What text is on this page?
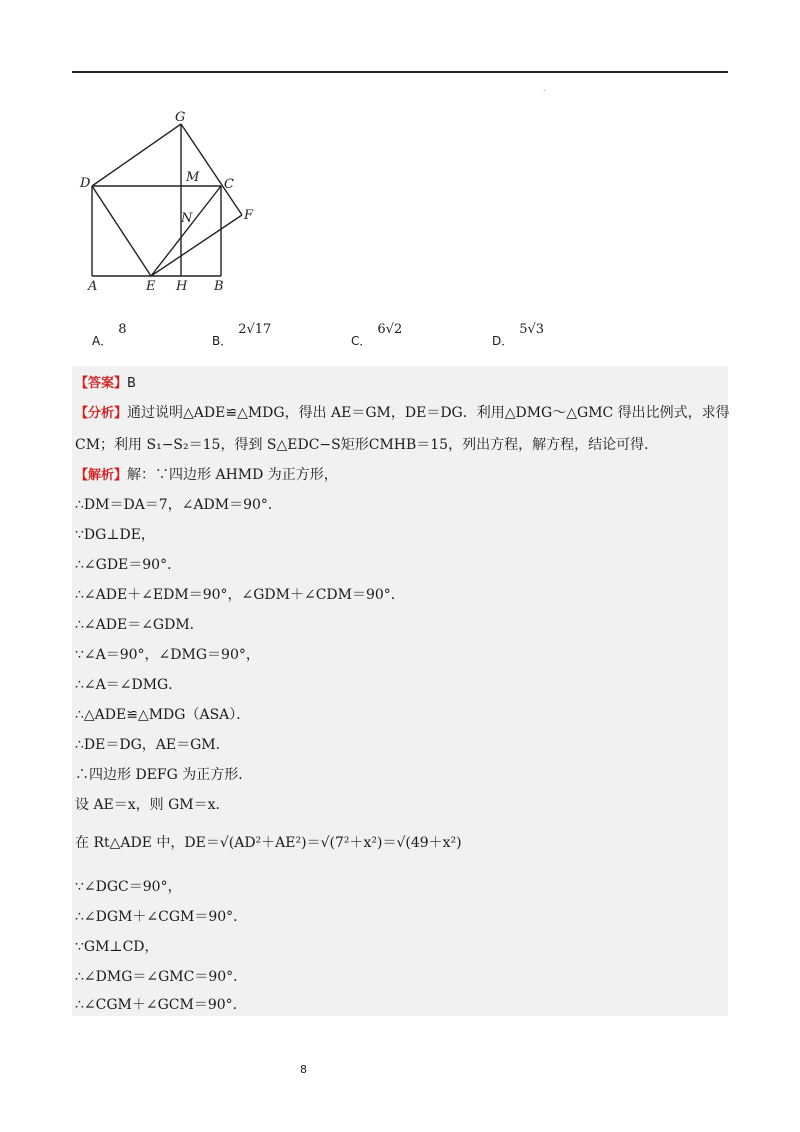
.
G
M
D	C
N	F
A	E H B
A．8
B．2√17
C．6√2
D．5√3
【答案】B
【分析】通过说明△ADE≌△MDG，得出 AE＝GM，DE＝DG．利用△DMG～△GMC 得出比例式，求得
CM；利用 S₁−S₂＝15，得到 S△EDC−S矩形CMHB＝15，列出方程，解方程，结论可得．
【解析】解：∵四边形 AHMD 为正方形，
∴DM＝DA＝7，∠ADM＝90°．
∵DG⊥DE，
∴∠GDE＝90°．
∴∠ADE＋∠EDM＝90°，∠GDM＋∠CDM＝90°．
∴∠ADE＝∠GDM．
∵∠A＝90°，∠DMG＝90°，
∴∠A＝∠DMG．
∴△ADE≌△MDG（ASA）．
∴DE＝DG，AE＝GM．
∴四边形 DEFG 为正方形．
设 AE＝x，则 GM＝x．
在 Rt△ADE 中，DE＝√(AD²＋AE²)＝√(7²＋x²)＝√(49＋x²)
∵∠DGC＝90°，
∴∠DGM＋∠CGM＝90°．
∵GM⊥CD，
∴∠DMG＝∠GMC＝90°．
∴∠CGM＋∠GCM＝90°．
8
